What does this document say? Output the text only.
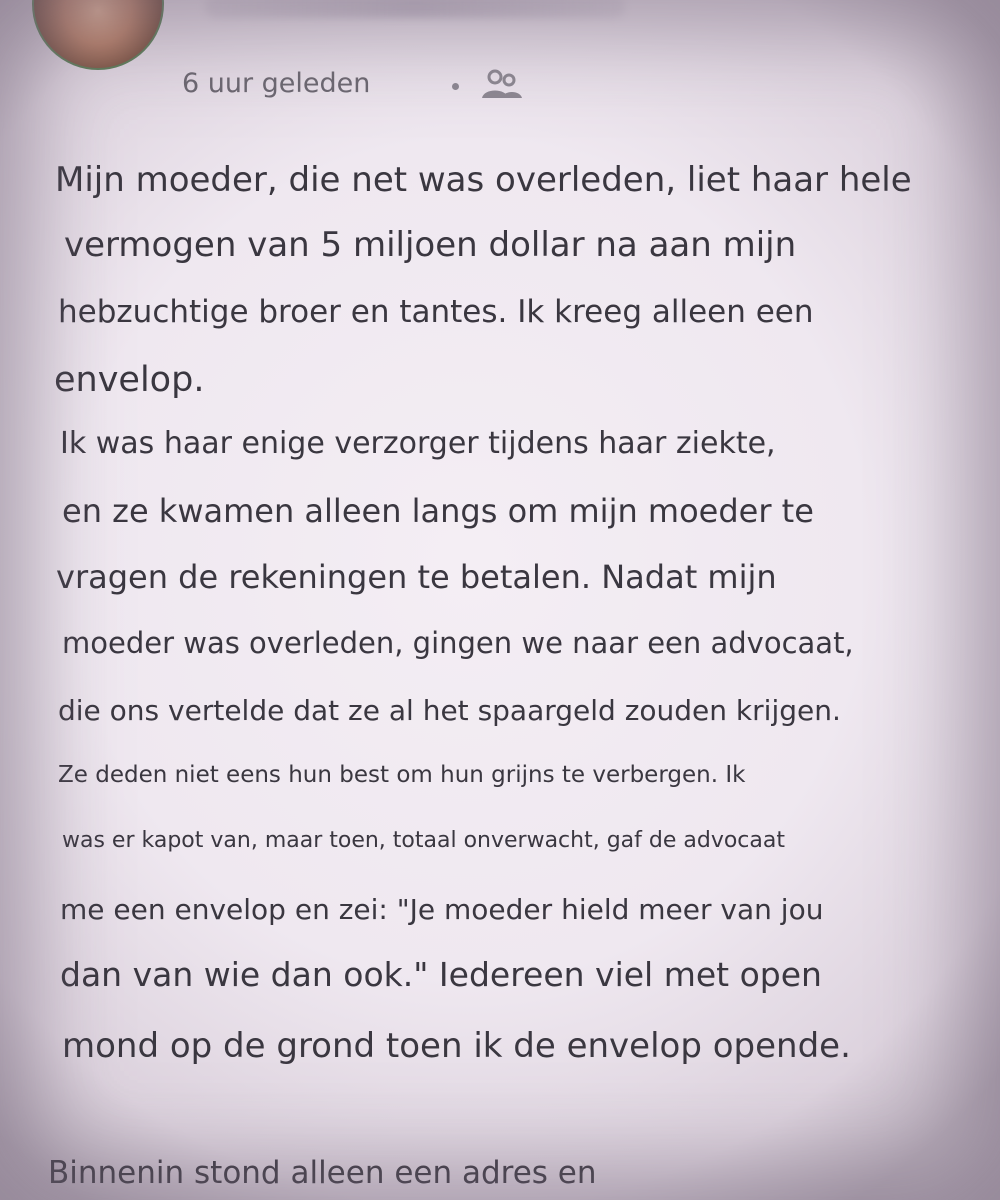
6 uur geleden
Mijn moeder, die net was overleden, liet haar hele
vermogen van 5 miljoen dollar na aan mijn
hebzuchtige broer en tantes. Ik kreeg alleen een
envelop.
Ik was haar enige verzorger tijdens haar ziekte,
en ze kwamen alleen langs om mijn moeder te
vragen de rekeningen te betalen. Nadat mijn
moeder was overleden, gingen we naar een advocaat,
die ons vertelde dat ze al het spaargeld zouden krijgen.
Ze deden niet eens hun best om hun grijns te verbergen. Ik
was er kapot van, maar toen, totaal onverwacht, gaf de advocaat
me een envelop en zei: "Je moeder hield meer van jou
dan van wie dan ook." Iedereen viel met open
mond op de grond toen ik de envelop opende.
Binnenin stond alleen een adres en
